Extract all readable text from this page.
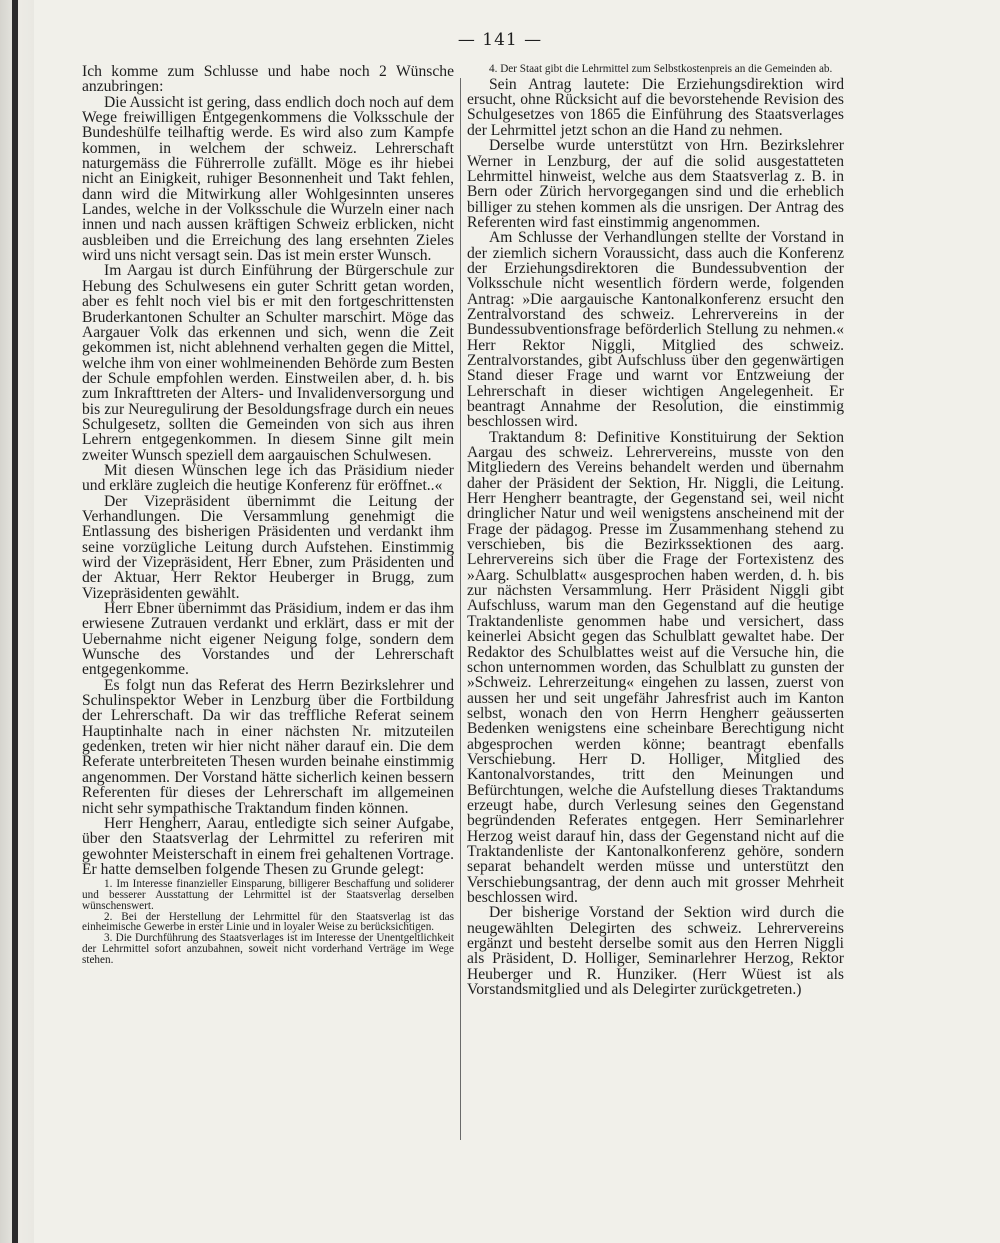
— 141 —

Ich komme zum Schlusse und habe noch 2 Wünsche anzubringen:

Die Aussicht ist gering, dass endlich doch noch auf dem Wege freiwilligen Entgegenkommens die Volksschule der Bundeshülfe teilhaftig werde. Es wird also zum Kampfe kommen, in welchem der schweiz. Lehrerschaft naturgemäss die Führerrolle zufällt. Möge es ihr hiebei nicht an Einigkeit, ruhiger Besonnenheit und Takt fehlen, dann wird die Mitwirkung aller Wohlgesinnten unseres Landes, welche in der Volksschule die Wurzeln einer nach innen und nach aussen kräftigen Schweiz erblicken, nicht ausbleiben und die Erreichung des lang ersehnten Zieles wird uns nicht versagt sein. Das ist mein erster Wunsch.

Im Aargau ist durch Einführung der Bürgerschule zur Hebung des Schulwesens ein guter Schritt getan worden, aber es fehlt noch viel bis er mit den fortgeschrittensten Bruderkantonen Schulter an Schulter marschirt. Möge das Aargauer Volk das erkennen und sich, wenn die Zeit gekommen ist, nicht ablehnend verhalten gegen die Mittel, welche ihm von einer wohlmeinenden Behörde zum Besten der Schule empfohlen werden. Einstweilen aber, d. h. bis zum Inkrafttreten der Alters- und Invalidenversorgung und bis zur Neuregulirung der Besoldungsfrage durch ein neues Schulgesetz, sollten die Gemeinden von sich aus ihren Lehrern entgegenkommen. In diesem Sinne gilt mein zweiter Wunsch speziell dem aargauischen Schulwesen.

Mit diesen Wünschen lege ich das Präsidium nieder und erkläre zugleich die heutige Konferenz für eröffnet..«

Der Vizepräsident übernimmt die Leitung der Verhandlungen. Die Versammlung genehmigt die Entlassung des bisherigen Präsidenten und verdankt ihm seine vorzügliche Leitung durch Aufstehen. Einstimmig wird der Vizepräsident, Herr Ebner, zum Präsidenten und der Aktuar, Herr Rektor Heuberger in Brugg, zum Vizepräsidenten gewählt.

Herr Ebner übernimmt das Präsidium, indem er das ihm erwiesene Zutrauen verdankt und erklärt, dass er mit der Uebernahme nicht eigener Neigung folge, sondern dem Wunsche des Vorstandes und der Lehrerschaft entgegenkomme.

Es folgt nun das Referat des Herrn Bezirkslehrer und Schulinspektor Weber in Lenzburg über die Fortbildung der Lehrerschaft. Da wir das treffliche Referat seinem Hauptinhalte nach in einer nächsten Nr. mitzuteilen gedenken, treten wir hier nicht näher darauf ein. Die dem Referate unterbreiteten Thesen wurden beinahe einstimmig angenommen. Der Vorstand hätte sicherlich keinen bessern Referenten für dieses der Lehrerschaft im allgemeinen nicht sehr sympathische Traktandum finden können.

Herr Hengherr, Aarau, entledigte sich seiner Aufgabe, über den Staatsverlag der Lehrmittel zu referiren mit gewohnter Meisterschaft in einem frei gehaltenen Vortrage. Er hatte demselben folgende Thesen zu Grunde gelegt:

1. Im Interesse finanzieller Einsparung, billigerer Beschaffung und soliderer und besserer Ausstattung der Lehrmittel ist der Staatsverlag derselben wünschenswert.

2. Bei der Herstellung der Lehrmittel für den Staatsverlag ist das einheimische Gewerbe in erster Linie und in loyaler Weise zu berücksichtigen.

3. Die Durchführung des Staatsverlages ist im Interesse der Unentgeltlichkeit der Lehrmittel sofort anzubahnen, soweit nicht vorderhand Verträge im Wege stehen.

4. Der Staat gibt die Lehrmittel zum Selbstkostenpreis an die Gemeinden ab.

Sein Antrag lautete: Die Erziehungsdirektion wird ersucht, ohne Rücksicht auf die bevorstehende Revision des Schulgesetzes von 1865 die Einführung des Staatsverlages der Lehrmittel jetzt schon an die Hand zu nehmen.

Derselbe wurde unterstützt von Hrn. Bezirkslehrer Werner in Lenzburg, der auf die solid ausgestatteten Lehrmittel hinweist, welche aus dem Staatsverlag z. B. in Bern oder Zürich hervorgegangen sind und die erheblich billiger zu stehen kommen als die unsrigen. Der Antrag des Referenten wird fast einstimmig angenommen.

Am Schlusse der Verhandlungen stellte der Vorstand in der ziemlich sichern Voraussicht, dass auch die Konferenz der Erziehungsdirektoren die Bundessubvention der Volksschule nicht wesentlich fördern werde, folgenden Antrag: »Die aargauische Kantonalkonferenz ersucht den Zentralvorstand des schweiz. Lehrervereins in der Bundessubventionsfrage beförderlich Stellung zu nehmen.« Herr Rektor Niggli, Mitglied des schweiz. Zentralvorstandes, gibt Aufschluss über den gegenwärtigen Stand dieser Frage und warnt vor Entzweiung der Lehrerschaft in dieser wichtigen Angelegenheit. Er beantragt Annahme der Resolution, die einstimmig beschlossen wird.

Traktandum 8: Definitive Konstituirung der Sektion Aargau des schweiz. Lehrervereins, musste von den Mitgliedern des Vereins behandelt werden und übernahm daher der Präsident der Sektion, Hr. Niggli, die Leitung. Herr Hengherr beantragte, der Gegenstand sei, weil nicht dringlicher Natur und weil wenigstens anscheinend mit der Frage der pädagog. Presse im Zusammenhang stehend zu verschieben, bis die Bezirkssektionen des aarg. Lehrervereins sich über die Frage der Fortexistenz des »Aarg. Schulblatt« ausgesprochen haben werden, d. h. bis zur nächsten Versammlung. Herr Präsident Niggli gibt Aufschluss, warum man den Gegenstand auf die heutige Traktandenliste genommen habe und versichert, dass keinerlei Absicht gegen das Schulblatt gewaltet habe. Der Redaktor des Schulblattes weist auf die Versuche hin, die schon unternommen worden, das Schulblatt zu gunsten der »Schweiz. Lehrerzeitung« eingehen zu lassen, zuerst von aussen her und seit ungefähr Jahresfrist auch im Kanton selbst, wonach den von Herrn Hengherr geäusserten Bedenken wenigstens eine scheinbare Berechtigung nicht abgesprochen werden könne; beantragt ebenfalls Verschiebung. Herr D. Holliger, Mitglied des Kantonalvorstandes, tritt den Meinungen und Befürchtungen, welche die Aufstellung dieses Traktandums erzeugt habe, durch Verlesung seines den Gegenstand begründenden Referates entgegen. Herr Seminarlehrer Herzog weist darauf hin, dass der Gegenstand nicht auf die Traktandenliste der Kantonalkonferenz gehöre, sondern separat behandelt werden müsse und unterstützt den Verschiebungsantrag, der denn auch mit grosser Mehrheit beschlossen wird.

Der bisherige Vorstand der Sektion wird durch die neugewählten Delegirten des schweiz. Lehrervereins ergänzt und besteht derselbe somit aus den Herren Niggli als Präsident, D. Holliger, Seminarlehrer Herzog, Rektor Heuberger und R. Hunziker. (Herr Wüest ist als Vorstandsmitglied und als Delegirter zurückgetreten.)
